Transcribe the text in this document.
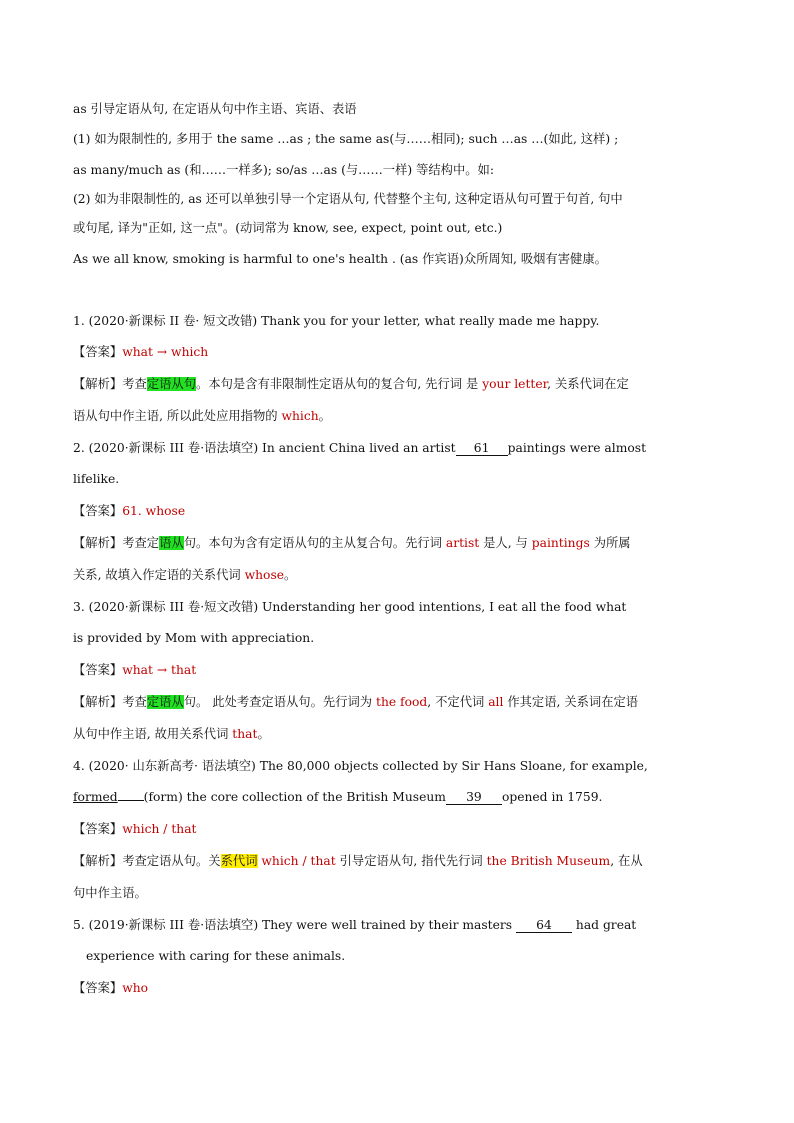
as 引导定语从句, 在定语从句中作主语、宾语、表语
(1) 如为限制性的, 多用于 the same …as ; the same as(与……相同); such …as …(如此, 这样) ;
as many/much as (和……一样多); so/as …as (与……一样) 等结构中。如:
(2) 如为非限制性的, as 还可以单独引导一个定语从句, 代替整个主句, 这种定语从句可置于句首, 句中
或句尾, 译为"正如, 这一点"。(动词常为 know, see, expect, point out, etc.)
As we all know, smoking is harmful to one's health . (as 作宾语)众所周知, 吸烟有害健康。
1. (2020·新课标 II 卷· 短文改错) Thank you for your letter, what really made me happy.
【答案】what → which
【解析】考查定语从句。本句是含有非限制性定语从句的复合句, 先行词 是 your letter, 关系代词在定
语从句中作主语, 所以此处应用指物的 which。
2. (2020·新课标 III 卷·语法填空) In ancient China lived an artist 61 paintings were almost
lifelike.
【答案】61. whose
【解析】考查定语从句。本句为含有定语从句的主从复合句。先行词 artist 是人, 与 paintings 为所属
关系, 故填入作定语的关系代词 whose。
3. (2020·新课标 III 卷·短文改错) Understanding her good intentions, I eat all the food what
is provided by Mom with appreciation.
【答案】what → that
【解析】考查定语从句。 此处考查定语从句。先行词为 the food, 不定代词 all 作其定语, 关系词在定语
从句中作主语, 故用关系代词 that。
4. (2020· 山东新高考· 语法填空) The 80,000 objects collected by Sir Hans Sloane, for example,
formed (form) the core collection of the British Museum 39 opened in 1759.
【答案】which / that
【解析】考查定语从句。关系代词 which / that 引导定语从句, 指代先行词 the British Museum, 在从
句中作主语。
5. (2019·新课标 III 卷·语法填空) They were well trained by their masters 64 had great
experience with caring for these animals.
【答案】who
